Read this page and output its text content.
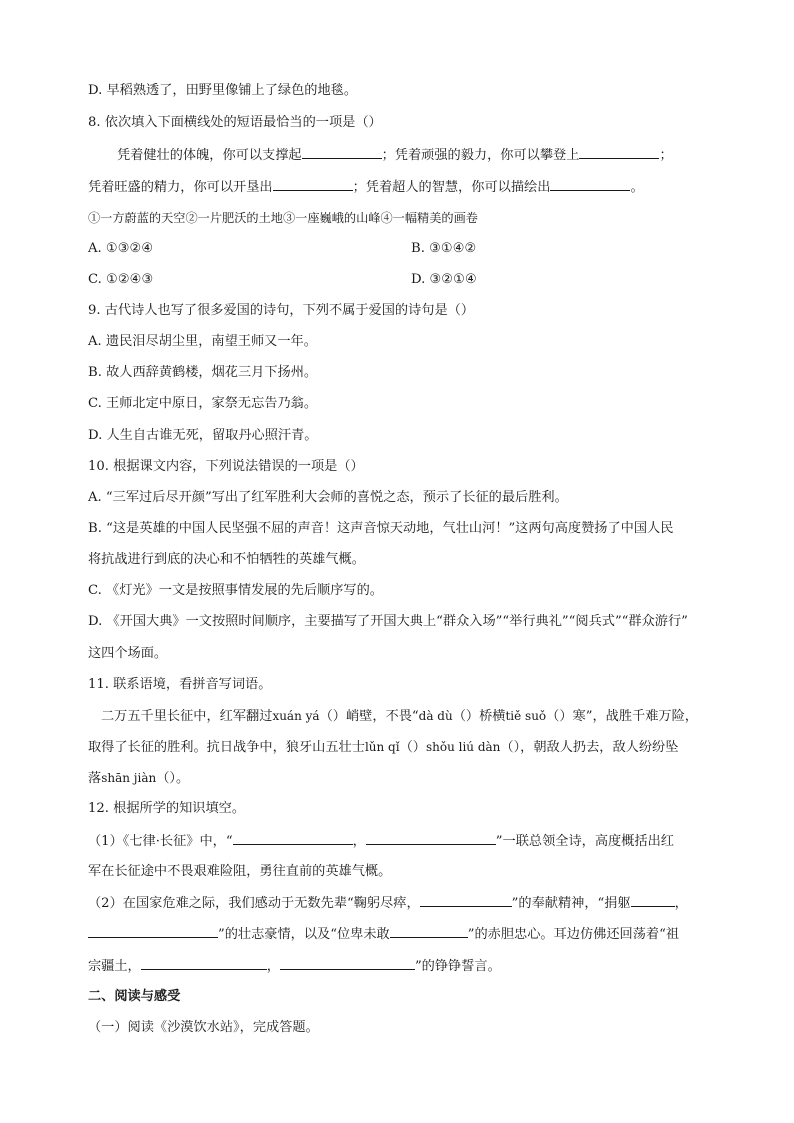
D. 早稻熟透了，田野里像铺上了绿色的地毯。
8. 依次填入下面横线处的短语最恰当的一项是（）
凭着健壮的体魄，你可以支撑起	；凭着顽强的毅力，你可以攀登上	；
凭着旺盛的精力，你可以开垦出	；凭着超人的智慧，你可以描绘出	。
①一方蔚蓝的天空②一片肥沃的土地③一座巍峨的山峰④一幅精美的画卷
A. ①③②④	B. ③①④②
C. ①②④③	D. ③②①④
9. 古代诗人也写了很多爱国的诗句，下列不属于爱国的诗句是（）
A. 遗民泪尽胡尘里，南望王师又一年。
B. 故人西辞黄鹤楼，烟花三月下扬州。
C. 王师北定中原日，家祭无忘告乃翁。
D. 人生自古谁无死，留取丹心照汗青。
10. 根据课文内容，下列说法错误的一项是（）
A. “三军过后尽开颜”写出了红军胜利大会师的喜悦之态，预示了长征的最后胜利。
B. “这是英雄的中国人民坚强不屈的声音！这声音惊天动地，气壮山河！”这两句高度赞扬了中国人民
将抗战进行到底的决心和不怕牺牲的英雄气概。
C. 《灯光》一文是按照事情发展的先后顺序写的。
D. 《开国大典》一文按照时间顺序，主要描写了开国大典上“群众入场”“举行典礼”“阅兵式”“群众游行”
这四个场面。
11. 联系语境，看拼音写词语。
二万五千里长征中，红军翻过xuán yá（）峭壁，不畏“dà dù（）桥横tiě suǒ（）寒”，战胜千难万险，
取得了长征的胜利。抗日战争中，狼牙山五壮士lǔn qǐ（）shǒu liú dàn（），朝敌人扔去，敌人纷纷坠
落shān jiàn（）。
12. 根据所学的知识填空。
（1）《七律·长征》中，“	，	”一联总领全诗，高度概括出红
军在长征途中不畏艰难险阻，勇往直前的英雄气概。
（2）在国家危难之际，我们感动于无数先辈“鞠躬尽瘁，	”的奉献精神，“捐躯	，
”的壮志豪情，以及“位卑未敢	”的赤胆忠心。耳边仿佛还回荡着“祖
宗疆土，	，	”的铮铮誓言。
二、阅读与感受
（一）阅读《沙漠饮水站》，完成答题。
